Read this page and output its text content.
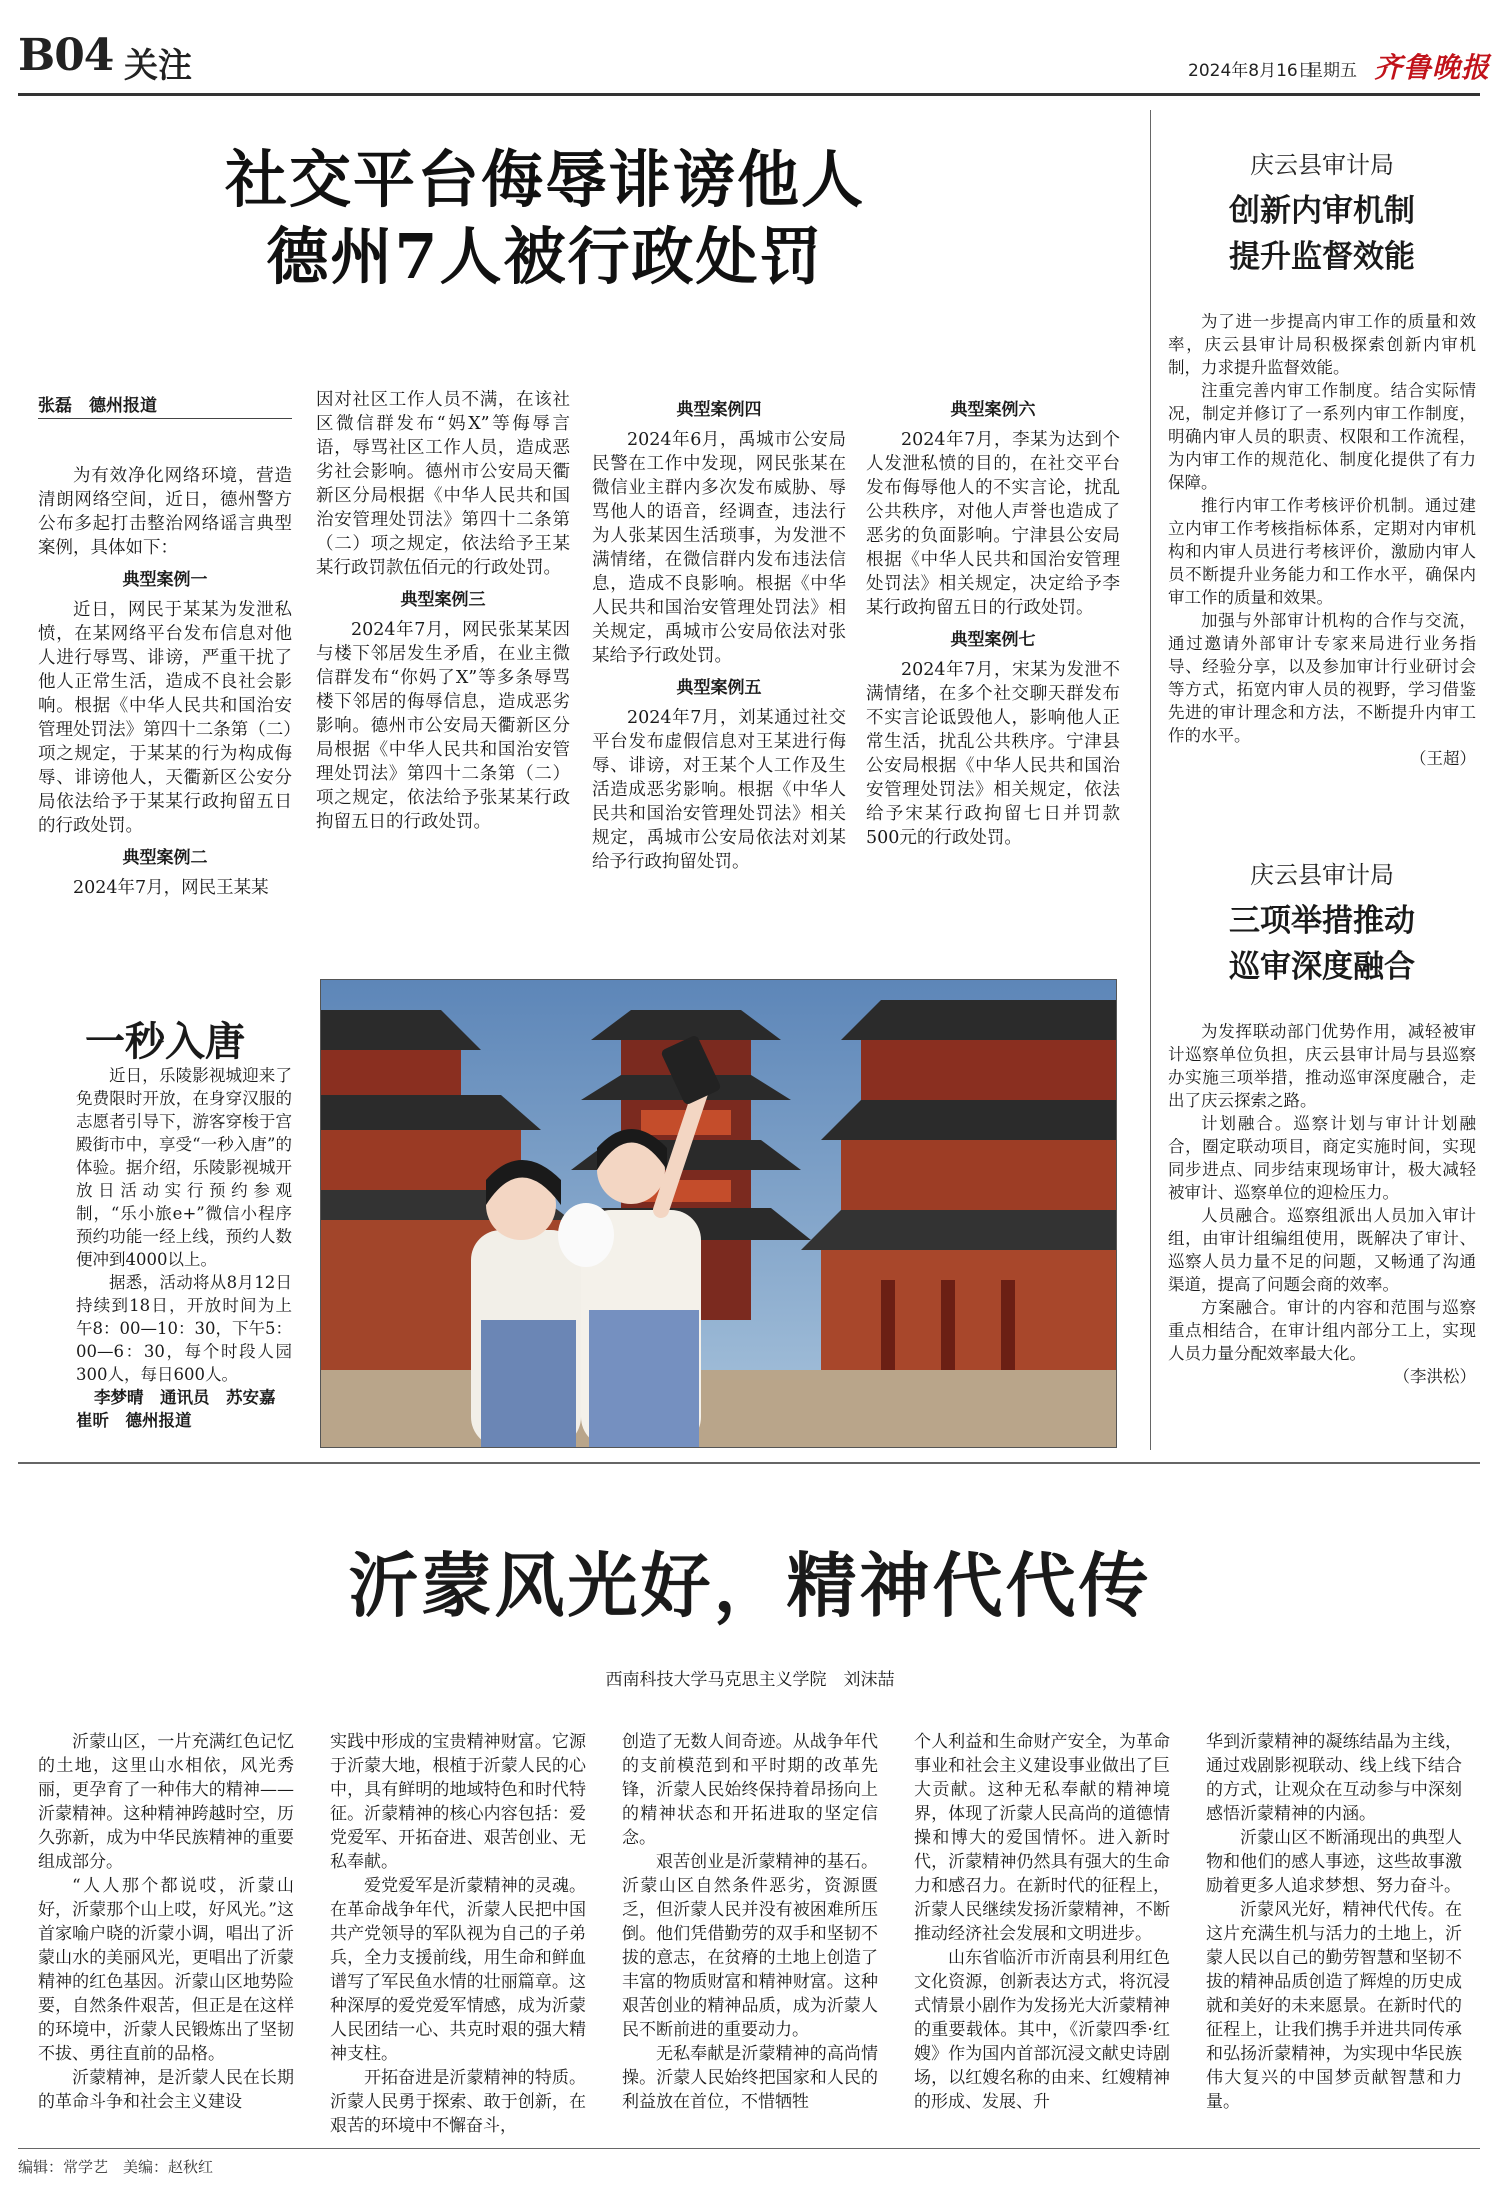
B04 关注	2024年8月16日
星期五 齐鲁晚报
社交平台侮辱诽谤他人
德州7人被行政处罚
张磊　德州报道

为有效净化网络环境，营造清朗网络空间，近日，德州警方公布多起打击整治网络谣言典型案例，具体如下：

典型案例一

近日，网民于某某为发泄私愤，在某网络平台发布信息对他人进行辱骂、诽谤，严重干扰了他人正常生活，造成不良社会影响。根据《中华人民共和国治安管理处罚法》第四十二条第（二）项之规定，于某某的行为构成侮辱、诽谤他人，天衢新区公安分局依法给予于某某行政拘留五日的行政处罚。

典型案例二

2024年7月，网民王某某

因对社区工作人员不满，在该社区微信群发布“妈X”等侮辱言语，辱骂社区工作人员，造成恶劣社会影响。德州市公安局天衢新区分局根据《中华人民共和国治安管理处罚法》第四十二条第（二）项之规定，依法给予王某某行政罚款伍佰元的行政处罚。

典型案例三

2024年7月，网民张某某因与楼下邻居发生矛盾，在业主微信群发布“你妈了X”等多条辱骂楼下邻居的侮辱信息，造成恶劣影响。德州市公安局天衢新区分局根据《中华人民共和国治安管理处罚法》第四十二条第（二）项之规定，依法给予张某某行政拘留五日的行政处罚。

典型案例四

2024年6月，禹城市公安局民警在工作中发现，网民张某在微信业主群内多次发布威胁、辱骂他人的语音，经调查，违法行为人张某因生活琐事，为发泄不满情绪，在微信群内发布违法信息，造成不良影响。根据《中华人民共和国治安管理处罚法》相关规定，禹城市公安局依法对张某给予行政处罚。

典型案例五

2024年7月，刘某通过社交平台发布虚假信息对王某进行侮辱、诽谤，对王某个人工作及生活造成恶劣影响。根据《中华人民共和国治安管理处罚法》相关规定，禹城市公安局依法对刘某给予行政拘留处罚。

典型案例六

2024年7月，李某为达到个人发泄私愤的目的，在社交平台发布侮辱他人的不实言论，扰乱公共秩序，对他人声誉也造成了恶劣的负面影响。宁津县公安局根据《中华人民共和国治安管理处罚法》相关规定，决定给予李某行政拘留五日的行政处罚。

典型案例七

2024年7月，宋某为发泄不满情绪，在多个社交聊天群发布不实言论诋毁他人，影响他人正常生活，扰乱公共秩序。宁津县公安局根据《中华人民共和国治安管理处罚法》相关规定，依法给予宋某行政拘留七日并罚款500元的行政处罚。

庆云县审计局
创新内审机制
提升监督效能

为了进一步提高内审工作的质量和效率，庆云县审计局积极探索创新内审机制，力求提升监督效能。

注重完善内审工作制度。结合实际情况，制定并修订了一系列内审工作制度，明确内审人员的职责、权限和工作流程，为内审工作的规范化、制度化提供了有力保障。

推行内审工作考核评价机制。通过建立内审工作考核指标体系，定期对内审机构和内审人员进行考核评价，激励内审人员不断提升业务能力和工作水平，确保内审工作的质量和效果。

加强与外部审计机构的合作与交流，通过邀请外部审计专家来局进行业务指导、经验分享，以及参加审计行业研讨会等方式，拓宽内审人员的视野，学习借鉴先进的审计理念和方法，不断提升内审工作的水平。

（王超）
庆云县审计局
三项举措推动
巡审深度融合

为发挥联动部门优势作用，减轻被审计巡察单位负担，庆云县审计局与县巡察办实施三项举措，推动巡审深度融合，走出了庆云探索之路。

计划融合。巡察计划与审计计划融合，圈定联动项目，商定实施时间，实现同步进点、同步结束现场审计，极大减轻被审计、巡察单位的迎检压力。

人员融合。巡察组派出人员加入审计组，由审计组编组使用，既解决了审计、巡察人员力量不足的问题，又畅通了沟通渠道，提高了问题会商的效率。

方案融合。审计的内容和范围与巡察重点相结合，在审计组内部分工上，实现人员力量分配效率最大化。

（李洪松）
一秒入唐

近日，乐陵影视城迎来了免费限时开放，在身穿汉服的志愿者引导下，游客穿梭于宫殿街市中，享受“一秒入唐”的体验。据介绍，乐陵影视城开放日活动实行预约参观制，“乐小旅e+”微信小程序预约功能一经上线，预约人数便冲到4000以上。

据悉，活动将从8月12日持续到18日，开放时间为上午8：00—10：30，下午5：00—6：30，每个时段人园300人，每日600人。

李梦晴　通讯员　苏安嘉
崔昕　德州报道
沂蒙风光好，精神代代传
西南科技大学马克思主义学院　刘沫喆

沂蒙山区，一片充满红色记忆的土地，这里山水相依，风光秀丽，更孕育了一种伟大的精神——沂蒙精神。这种精神跨越时空，历久弥新，成为中华民族精神的重要组成部分。

“人人那个都说哎，沂蒙山好，沂蒙那个山上哎，好风光。”这首家喻户晓的沂蒙小调，唱出了沂蒙山水的美丽风光，更唱出了沂蒙精神的红色基因。沂蒙山区地势险要，自然条件艰苦，但正是在这样的环境中，沂蒙人民锻炼出了坚韧不拔、勇往直前的品格。

沂蒙精神，是沂蒙人民在长期的革命斗争和社会主义建设

实践中形成的宝贵精神财富。它源于沂蒙大地，根植于沂蒙人民的心中，具有鲜明的地域特色和时代特征。沂蒙精神的核心内容包括：爱党爱军、开拓奋进、艰苦创业、无私奉献。

爱党爱军是沂蒙精神的灵魂。在革命战争年代，沂蒙人民把中国共产党领导的军队视为自己的子弟兵，全力支援前线，用生命和鲜血谱写了军民鱼水情的壮丽篇章。这种深厚的爱党爱军情感，成为沂蒙人民团结一心、共克时艰的强大精神支柱。

开拓奋进是沂蒙精神的特质。沂蒙人民勇于探索、敢于创新，在艰苦的环境中不懈奋斗，

创造了无数人间奇迹。从战争年代的支前模范到和平时期的改革先锋，沂蒙人民始终保持着昂扬向上的精神状态和开拓进取的坚定信念。

艰苦创业是沂蒙精神的基石。沂蒙山区自然条件恶劣，资源匮乏，但沂蒙人民并没有被困难所压倒。他们凭借勤劳的双手和坚韧不拔的意志，在贫瘠的土地上创造了丰富的物质财富和精神财富。这种艰苦创业的精神品质，成为沂蒙人民不断前进的重要动力。

无私奉献是沂蒙精神的高尚情操。沂蒙人民始终把国家和人民的利益放在首位，不惜牺牲

个人利益和生命财产安全，为革命事业和社会主义建设事业做出了巨大贡献。这种无私奉献的精神境界，体现了沂蒙人民高尚的道德情操和博大的爱国情怀。进入新时代，沂蒙精神仍然具有强大的生命力和感召力。在新时代的征程上，沂蒙人民继续发扬沂蒙精神，不断推动经济社会发展和文明进步。

山东省临沂市沂南县利用红色文化资源，创新表达方式，将沉浸式情景小剧作为发扬光大沂蒙精神的重要载体。其中，《沂蒙四季·红嫂》作为国内首部沉浸文献史诗剧场，以红嫂名称的由来、红嫂精神的形成、发展、升

华到沂蒙精神的凝练结晶为主线，通过戏剧影视联动、线上线下结合的方式，让观众在互动参与中深刻感悟沂蒙精神的内涵。

沂蒙山区不断涌现出的典型人物和他们的感人事迹，这些故事激励着更多人追求梦想、努力奋斗。

沂蒙风光好，精神代代传。在这片充满生机与活力的土地上，沂蒙人民以自己的勤劳智慧和坚韧不拔的精神品质创造了辉煌的历史成就和美好的未来愿景。在新时代的征程上，让我们携手并进共同传承和弘扬沂蒙精神，为实现中华民族伟大复兴的中国梦贡献智慧和力量。

编辑：常学艺　美编：赵秋红
